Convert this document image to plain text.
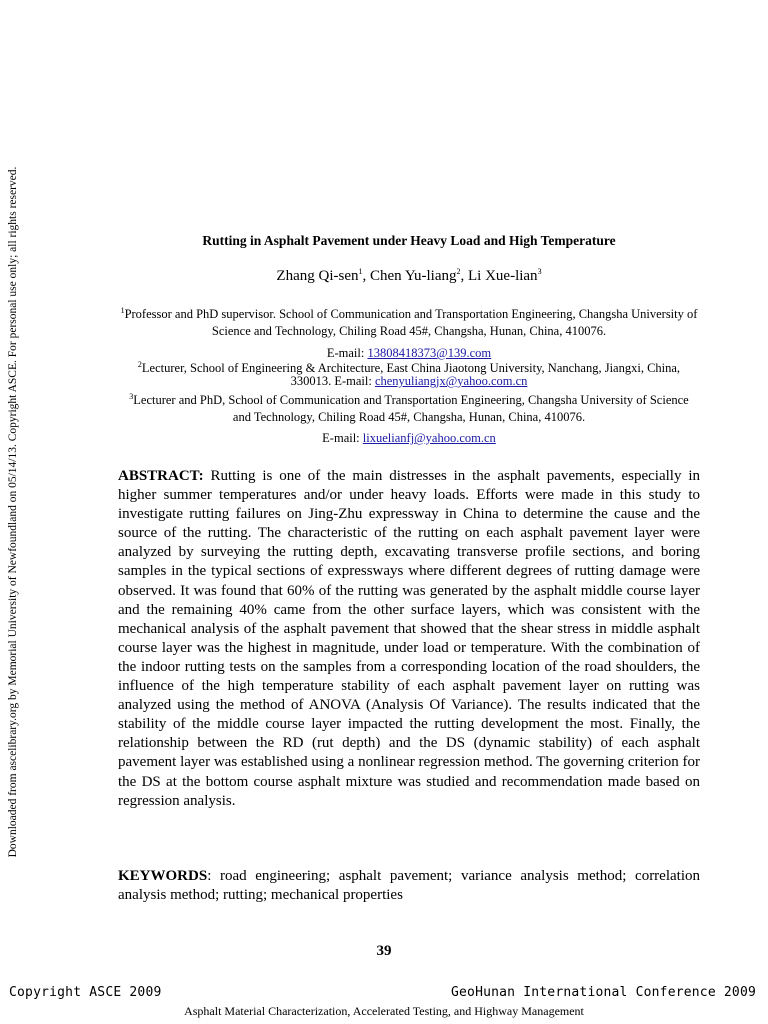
Downloaded from ascelibrary.org by Memorial University of Newfoundland on 05/14/13. Copyright ASCE. For personal use only; all rights reserved.	Rutting in Asphalt Pavement under Heavy Load and High Temperature
Zhang Qi-sen$^1$, Chen Yu-liang$^2$, Li Xue-lian$^3$
$^1$Professor and PhD supervisor. School of Communication and Transportation Engineering, Changsha University of Science and Technology, Chiling Road 45#, Changsha, Hunan, China, 410076.
E-mail: 13808418373@139.com
$^2$Lecturer, School of Engineering & Architecture, East China Jiaotong University, Nanchang, Jiangxi, China, 330013. E-mail: chenyuliangjx@yahoo.com.cn
$^3$Lecturer and PhD, School of Communication and Transportation Engineering, Changsha University of Science and Technology, Chiling Road 45#, Changsha, Hunan, China, 410076.
E-mail: lixuelianfj@yahoo.com.cn
ABSTRACT: Rutting is one of the main distresses in the asphalt pavements, especially in higher summer temperatures and/or under heavy loads. Efforts were made in this study to investigate rutting failures on Jing-Zhu expressway in China to determine the cause and the source of the rutting. The characteristic of the rutting on each asphalt pavement layer were analyzed by surveying the rutting depth, excavating transverse profile sections, and boring samples in the typical sections of expressways where different degrees of rutting damage were observed. It was found that 60% of the rutting was generated by the asphalt middle course layer and the remaining 40% came from the other surface layers, which was consistent with the mechanical analysis of the asphalt pavement that showed that the shear stress in middle asphalt course layer was the highest in magnitude, under load or temperature. With the combination of the indoor rutting tests on the samples from a corresponding location of the road shoulders, the influence of the high temperature stability of each asphalt pavement layer on rutting was analyzed using the method of ANOVA (Analysis Of Variance). The results indicated that the stability of the middle course layer impacted the rutting development the most. Finally, the relationship between the RD (rut depth) and the DS (dynamic stability) of each asphalt pavement layer was established using a nonlinear regression method. The governing criterion for the DS at the bottom course asphalt mixture was studied and recommendation made based on regression analysis.
KEYWORDS: road engineering; asphalt pavement; variance analysis method; correlation analysis method; rutting; mechanical properties
39
Copyright ASCE 2009	GeoHunan International Conference 2009
Asphalt Material Characterization, Accelerated Testing, and Highway Management
